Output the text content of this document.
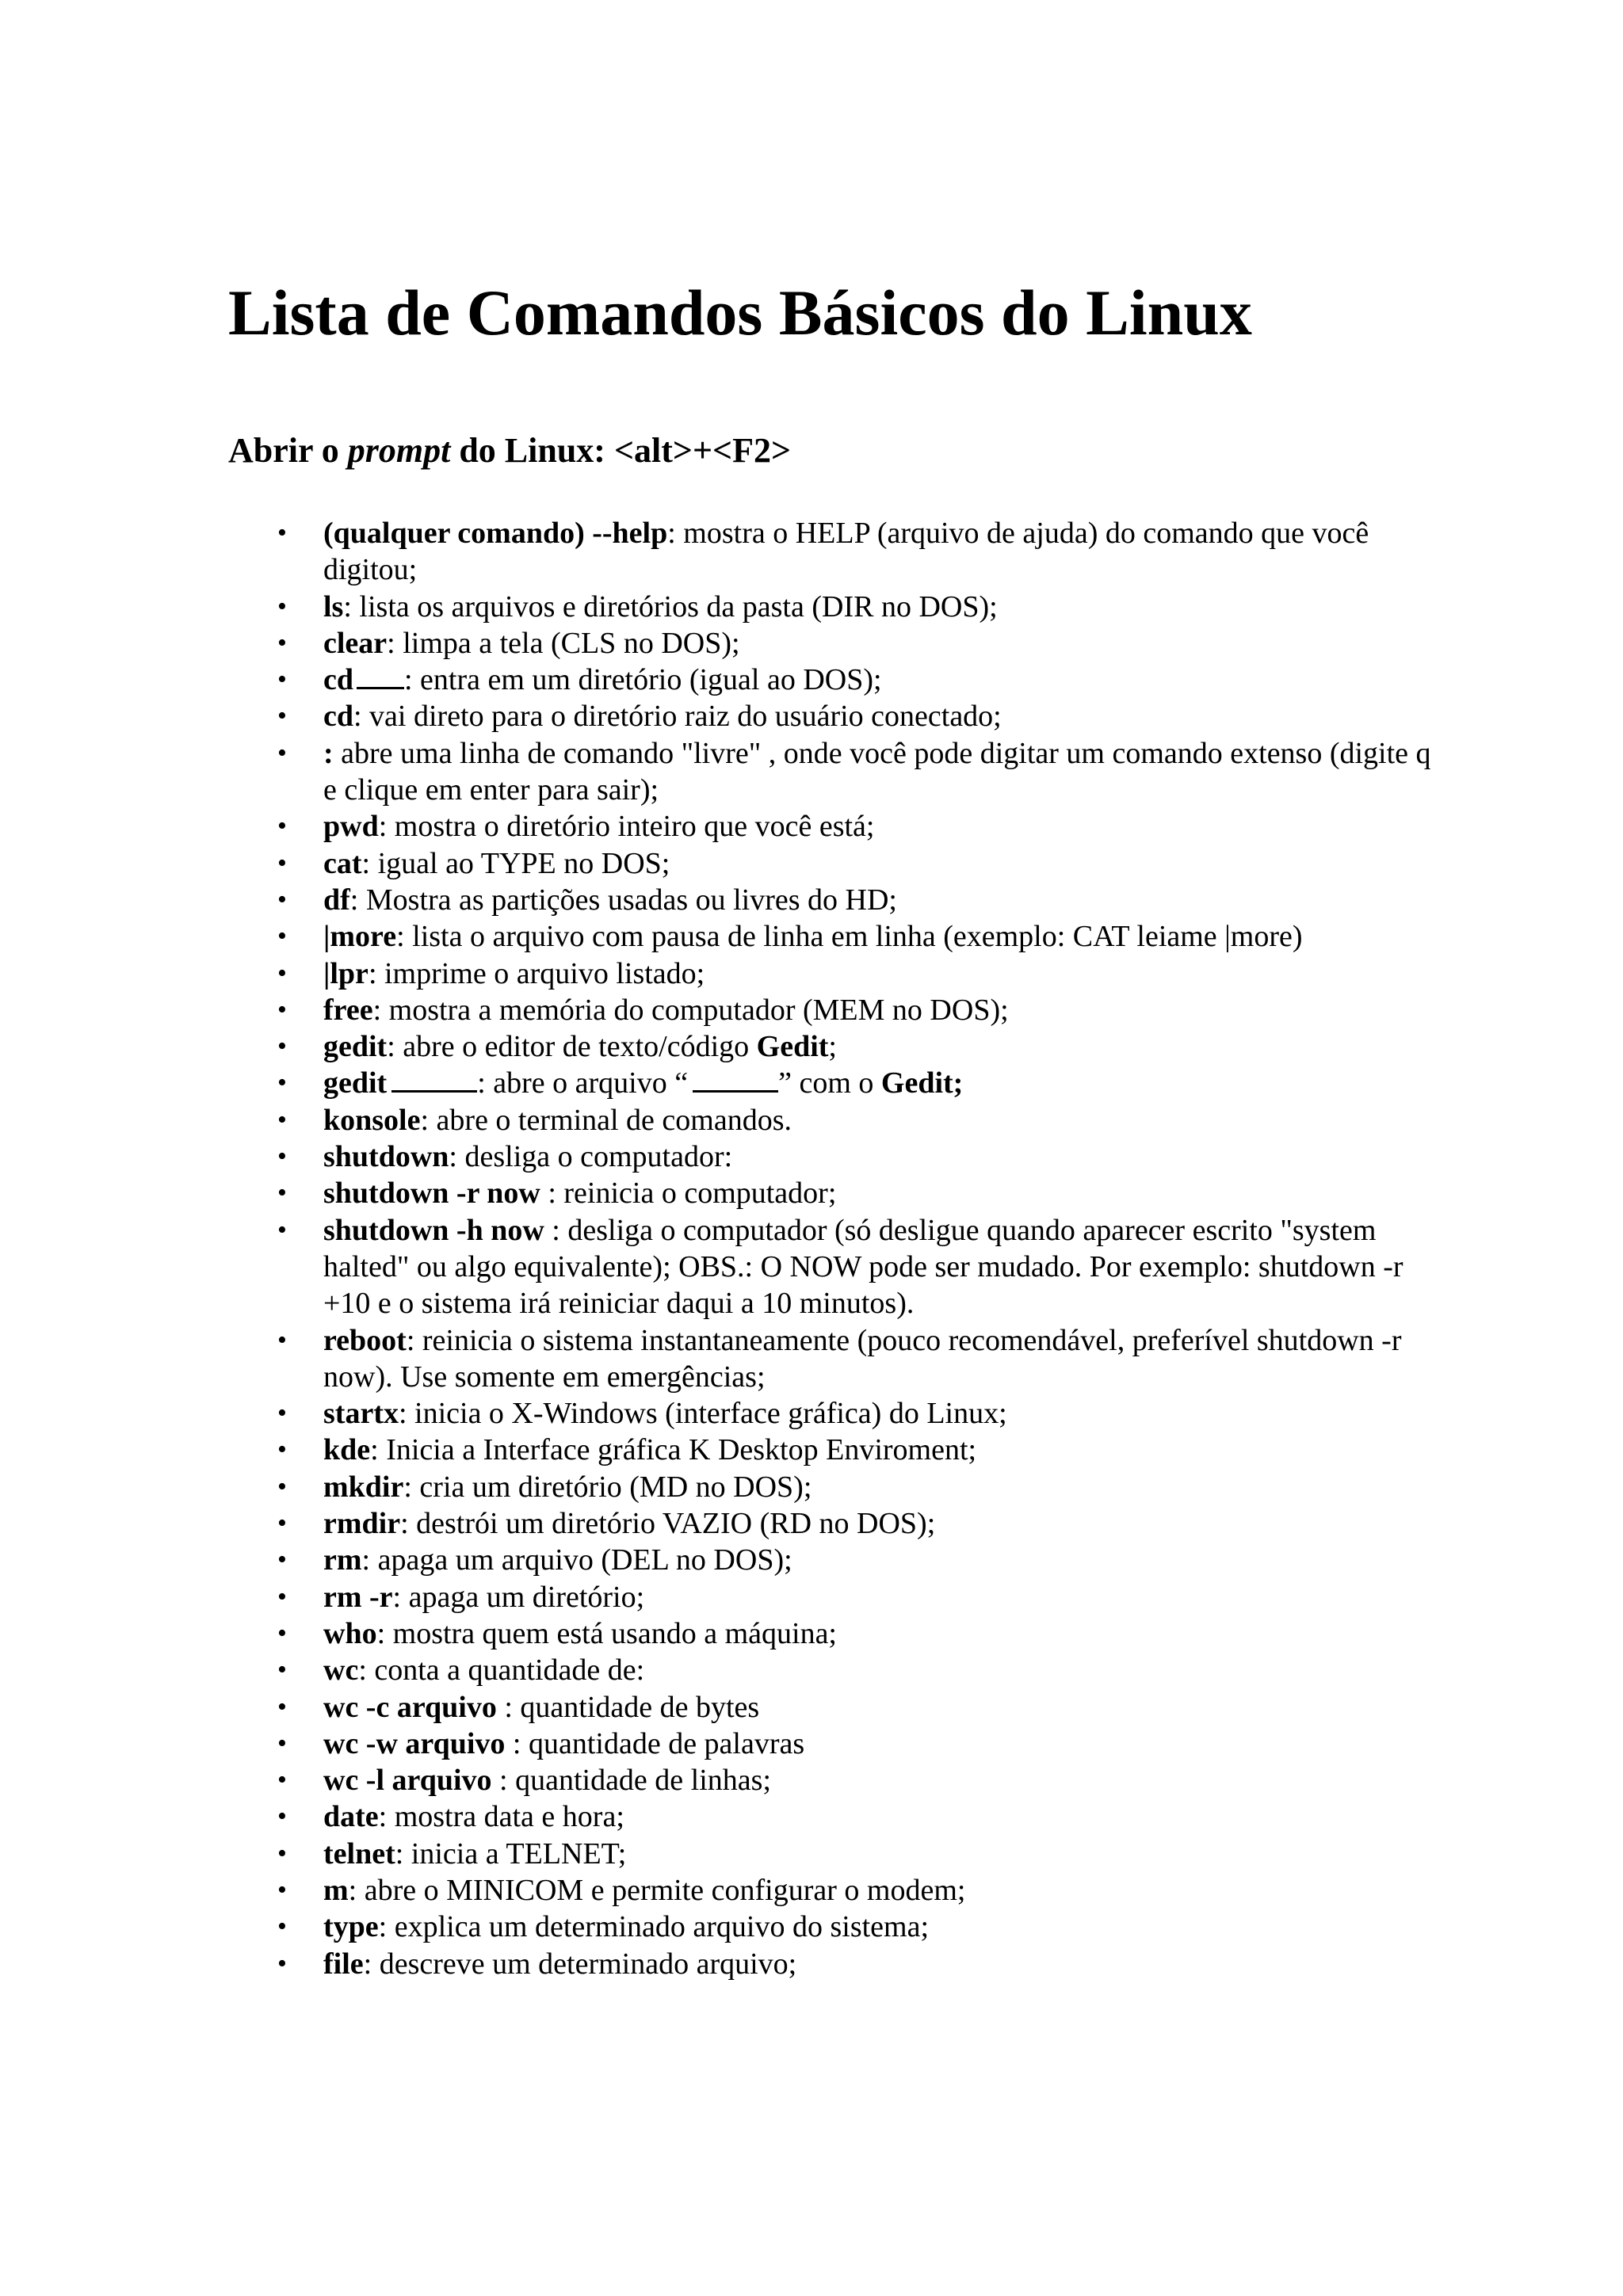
Lista de Comandos Básicos do Linux
Abrir o prompt do Linux: <alt>+<F2>
• (qualquer comando) --help: mostra o HELP (arquivo de ajuda) do comando que você digitou;
• ls: lista os arquivos e diretórios da pasta (DIR no DOS);
• clear: limpa a tela (CLS no DOS);
• cd : entra em um diretório (igual ao DOS);
• cd: vai direto para o diretório raiz do usuário conectado;
• : abre uma linha de comando "livre" , onde você pode digitar um comando extenso (digite q e clique em enter para sair);
• pwd: mostra o diretório inteiro que você está;
• cat: igual ao TYPE no DOS;
• df: Mostra as partições usadas ou livres do HD;
• |more: lista o arquivo com pausa de linha em linha (exemplo: CAT leiame |more)
• |lpr: imprime o arquivo listado;
• free: mostra a memória do computador (MEM no DOS);
• gedit: abre o editor de texto/código Gedit;
• gedit	: abre o arquivo “	” com o Gedit;
• konsole: abre o terminal de comandos.
• shutdown: desliga o computador:
• shutdown -r now : reinicia o computador;
• shutdown -h now : desliga o computador (só desligue quando aparecer escrito "system halted" ou algo equivalente); OBS.: O NOW pode ser mudado. Por exemplo: shutdown -r +10 e o sistema irá reiniciar daqui a 10 minutos).
• reboot: reinicia o sistema instantaneamente (pouco recomendável, preferível shutdown -r now). Use somente em emergências;
• startx: inicia o X-Windows (interface gráfica) do Linux;
• kde: Inicia a Interface gráfica K Desktop Enviroment;
• mkdir: cria um diretório (MD no DOS);
• rmdir: destrói um diretório VAZIO (RD no DOS);
• rm: apaga um arquivo (DEL no DOS);
• rm -r: apaga um diretório;
• who: mostra quem está usando a máquina;
• wc: conta a quantidade de:
• wc -c arquivo : quantidade de bytes
• wc -w arquivo : quantidade de palavras
• wc -l arquivo : quantidade de linhas;
• date: mostra data e hora;
• telnet: inicia a TELNET;
• m: abre o MINICOM e permite configurar o modem;
• type: explica um determinado arquivo do sistema;
• file: descreve um determinado arquivo;
